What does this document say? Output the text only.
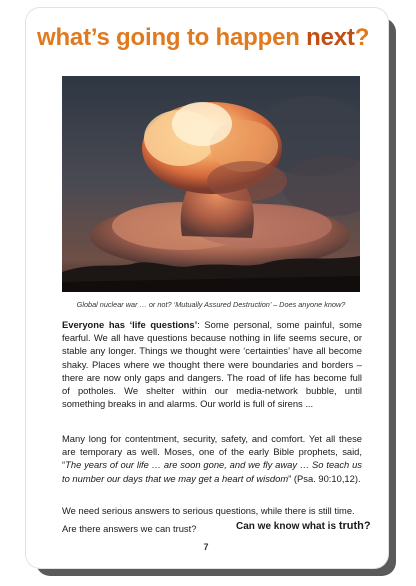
what’s going to happen next?
Global nuclear war … or not? ‘Mutually Assured Destruction’ – Does anyone know?
Everyone has ‘life questions’: Some personal, some painful, some fearful. We all have questions because nothing in life seems secure, or stable any longer. Things we thought were ‘certainties’ have all become shaky. Places where we thought there were boundaries and borders – there are now only gaps and dangers. The road of life has become full of potholes. We shelter within our media-network bubble, until something breaks in and alarms. Our world is full of sirens ...
Many long for contentment, security, safety, and comfort. Yet all these are temporary as well. Moses, one of the early Bible prophets, said, “The years of our life … are soon gone, and we fly away … So teach us to number our days that we may get a heart of wisdom” (Psa. 90:10,12).
We need serious answers to serious questions, while there is still time.
Are there answers we can trust?	Can we know what is truth?
7
